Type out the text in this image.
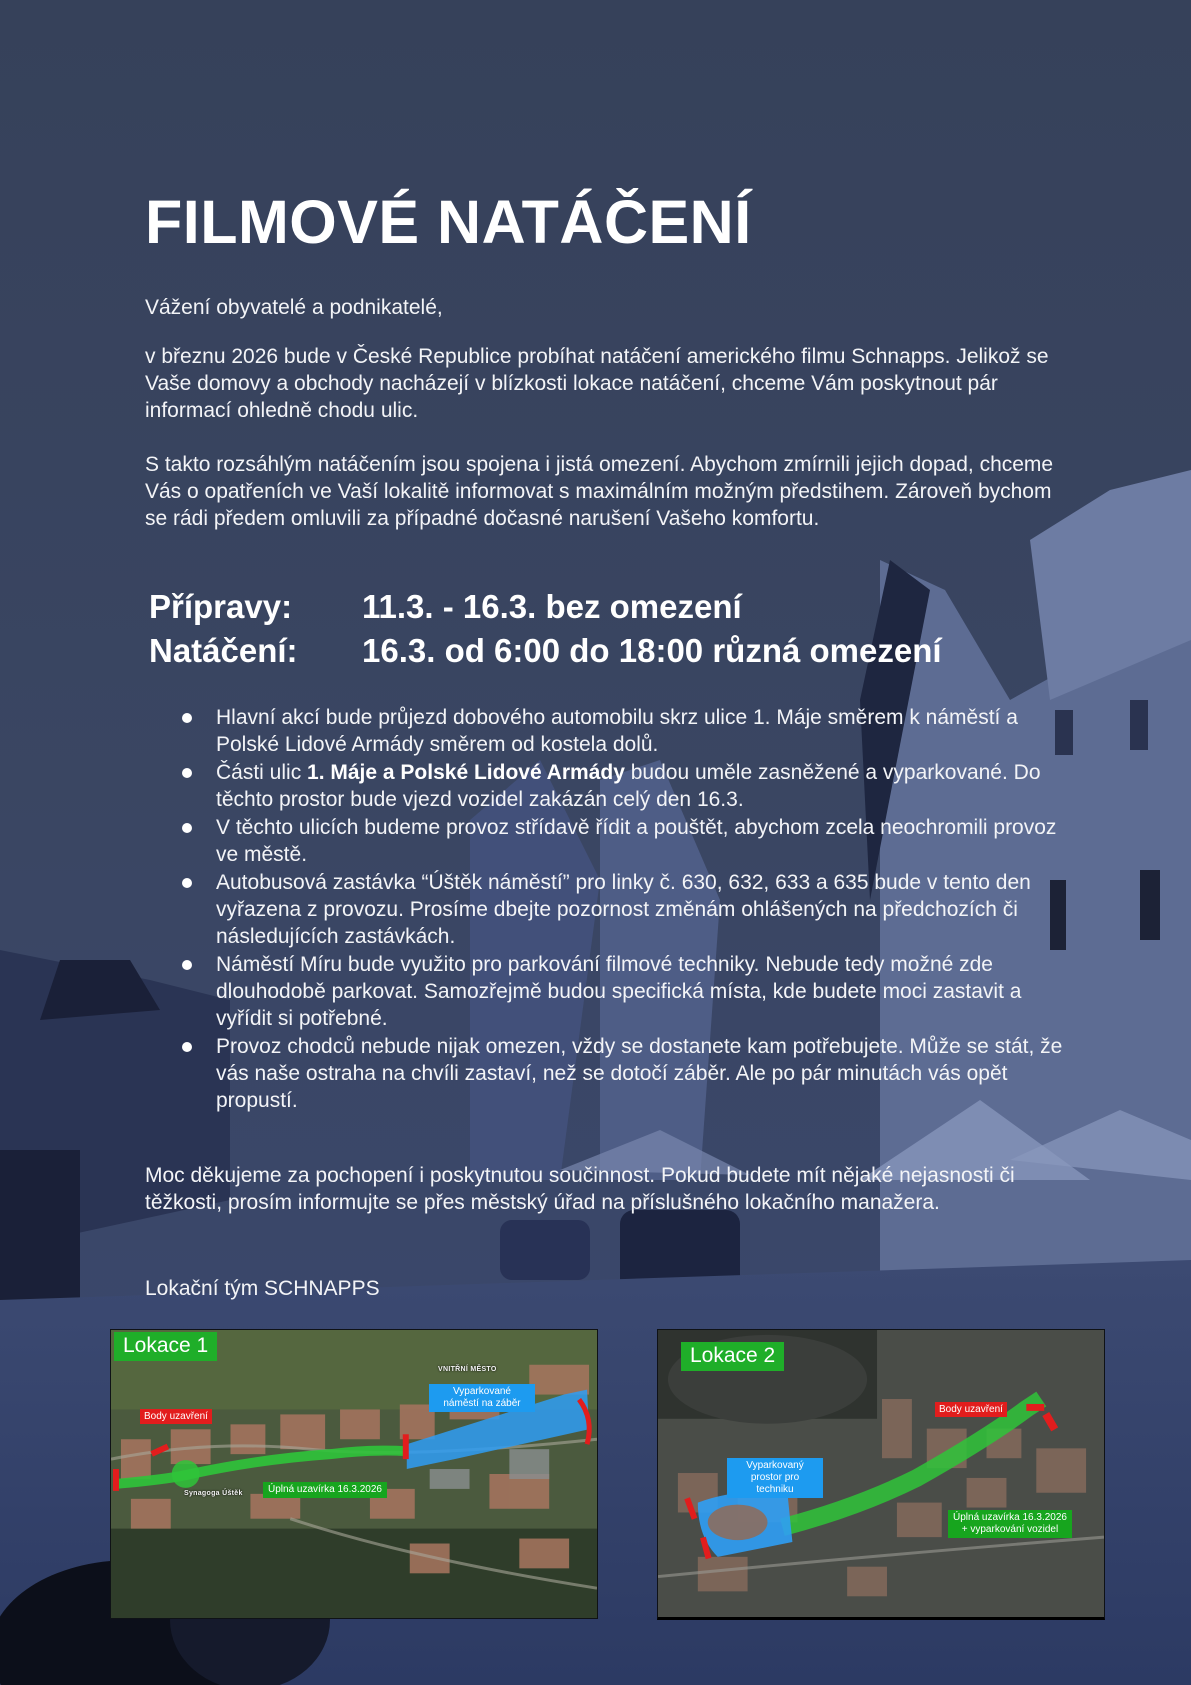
FILMOVÉ NATÁČENÍ

Vážení obyvatelé a podnikatelé,

v březnu 2026 bude v České Republice probíhat natáčení amerického filmu Schnapps. Jelikož se Vaše domovy a obchody nacházejí v blízkosti lokace natáčení, chceme Vám poskytnout pár informací ohledně chodu ulic.

S takto rozsáhlým natáčením jsou spojena i jistá omezení. Abychom zmírnili jejich dopad, chceme Vás o opatřeních ve Vaší lokalitě informovat s maximálním možným předstihem. Zároveň bychom se rádi předem omluvili za případné dočasné narušení Vašeho komfortu.

Přípravy:	11.3. - 16.3. bez omezení
Natáčení:	16.3. od 6:00 do 18:00 různá omezení
Hlavní akcí bude průjezd dobového automobilu skrz ulice 1. Máje směrem k náměstí a Polské Lidové Armády směrem od kostela dolů.
Části ulic 1. Máje a Polské Lidové Armády budou uměle zasněžené a vyparkované. Do těchto prostor bude vjezd vozidel zakázán celý den 16.3.
V těchto ulicích budeme provoz střídavě řídit a pouštět, abychom zcela neochromili provoz ve městě.
Autobusová zastávka “Úštěk náměstí” pro linky č. 630, 632, 633 a 635 bude v tento den vyřazena z provozu. Prosíme dbejte pozornost změnám ohlášených na předchozích či následujících zastávkách.
Náměstí Míru bude využito pro parkování filmové techniky. Nebude tedy možné zde dlouhodobě parkovat. Samozřejmě budou specifická místa, kde budete moci zastavit a vyřídit si potřebné.
Provoz chodců nebude nijak omezen, vždy se dostanete kam potřebujete. Může se stát, že vás naše ostraha na chvíli zastaví, než se dotočí záběr. Ale po pár minutách vás opět propustí.

Moc děkujeme za pochopení i poskytnutou součinnost. Pokud budete mít nějaké nejasnosti či těžkosti, prosím informujte se přes městský úřad na příslušného lokačního manažera.

Lokační tým SCHNAPPS

Lokace 1
VNITŘNÍ MĚSTO
Vyparkované náměstí na záběr
Body uzavření
Úplná uzavírka 16.3.2026
Synagoga Úštěk
Lokace 2
Body uzavření
Vyparkovaný prostor pro techniku
Úplná uzavírka 16.3.2026
+ vyparkování vozidel
